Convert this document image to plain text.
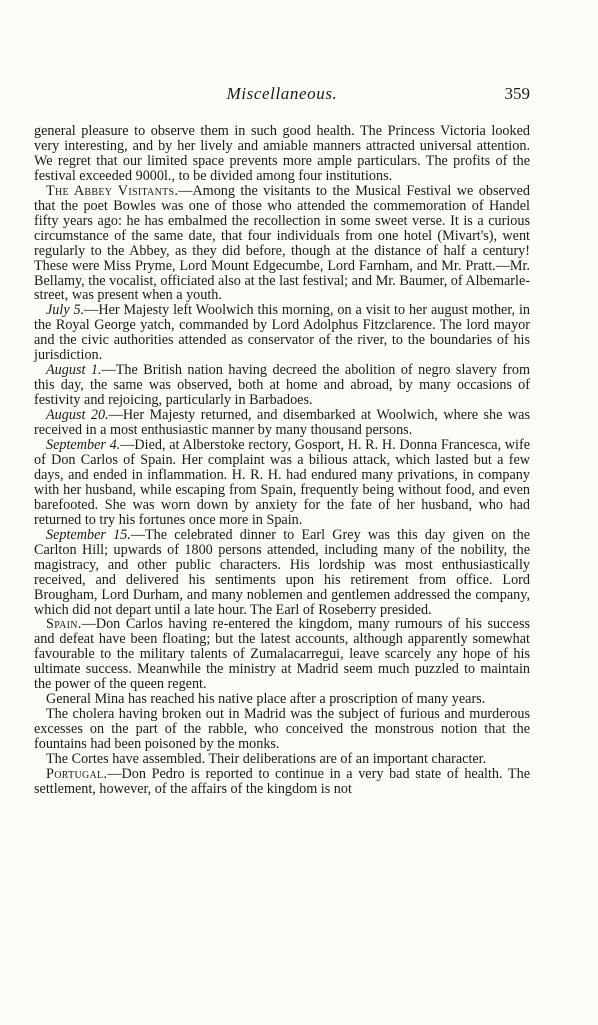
Miscellaneous.	359

general pleasure to observe them in such good health. The Princess Victoria looked very interesting, and by her lively and amiable manners attracted universal attention. We regret that our limited space prevents more ample particulars. The profits of the festival exceeded 9000l., to be divided among four institutions.

The Abbey Visitants.—Among the visitants to the Musical Festival we observed that the poet Bowles was one of those who attended the commemoration of Handel fifty years ago: he has embalmed the recollection in some sweet verse. It is a curious circumstance of the same date, that four individuals from one hotel (Mivart's), went regularly to the Abbey, as they did before, though at the distance of half a century! These were Miss Pryme, Lord Mount Edgecumbe, Lord Farnham, and Mr. Pratt.—Mr. Bellamy, the vocalist, officiated also at the last festival; and Mr. Baumer, of Albemarle-street, was present when a youth.

July 5.—Her Majesty left Woolwich this morning, on a visit to her august mother, in the Royal George yatch, commanded by Lord Adolphus Fitzclarence. The lord mayor and the civic authorities attended as conservator of the river, to the boundaries of his jurisdiction.

August 1.—The British nation having decreed the abolition of negro slavery from this day, the same was observed, both at home and abroad, by many occasions of festivity and rejoicing, particularly in Barbadoes.

August 20.—Her Majesty returned, and disembarked at Woolwich, where she was received in a most enthusiastic manner by many thousand persons.

September 4.—Died, at Alberstoke rectory, Gosport, H. R. H. Donna Francesca, wife of Don Carlos of Spain. Her complaint was a bilious attack, which lasted but a few days, and ended in inflammation. H. R. H. had endured many privations, in company with her husband, while escaping from Spain, frequently being without food, and even barefooted. She was worn down by anxiety for the fate of her husband, who had returned to try his fortunes once more in Spain.

September 15.—The celebrated dinner to Earl Grey was this day given on the Carlton Hill; upwards of 1800 persons attended, including many of the nobility, the magistracy, and other public characters. His lordship was most enthusiastically received, and delivered his sentiments upon his retirement from office. Lord Brougham, Lord Durham, and many noblemen and gentlemen addressed the company, which did not depart until a late hour. The Earl of Roseberry presided.

Spain.—Don Carlos having re-entered the kingdom, many rumours of his success and defeat have been floating; but the latest accounts, although apparently somewhat favourable to the military talents of Zumalacarregui, leave scarcely any hope of his ultimate success. Meanwhile the ministry at Madrid seem much puzzled to maintain the power of the queen regent.

General Mina has reached his native place after a proscription of many years.

The cholera having broken out in Madrid was the subject of furious and murderous excesses on the part of the rabble, who conceived the monstrous notion that the fountains had been poisoned by the monks.

The Cortes have assembled. Their deliberations are of an important character.

Portugal.—Don Pedro is reported to continue in a very bad state of health. The settlement, however, of the affairs of the kingdom is not
